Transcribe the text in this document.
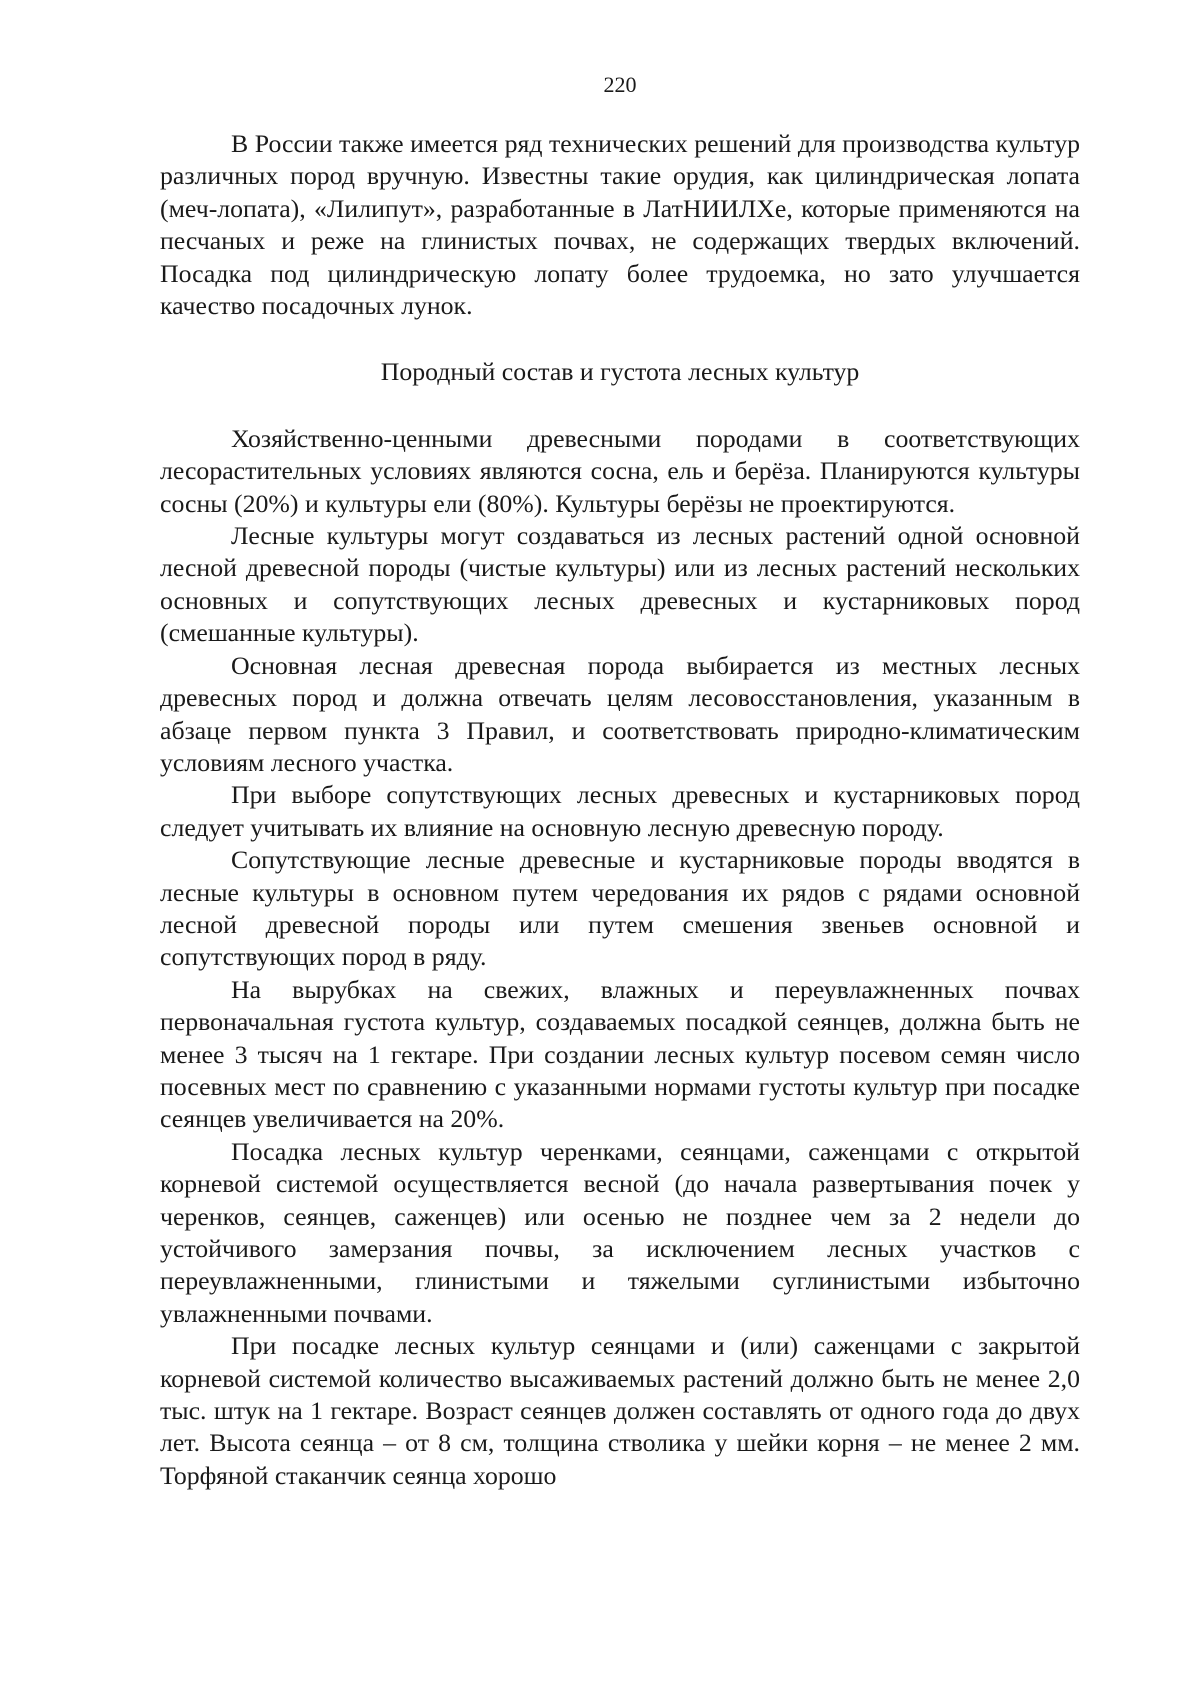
220

В России также имеется ряд технических решений для производства культур различных пород вручную. Известны такие орудия, как цилиндрическая лопата (меч-лопата), «Лилипут», разработанные в ЛатНИИЛХе, которые применяются на песчаных и реже на глинистых почвах, не содержащих твердых включений. Посадка под цилиндрическую лопату более трудоемка, но зато улучшается качество посадочных лунок.

Породный состав и густота лесных культур

Хозяйственно-ценными древесными породами в соответствующих лесорастительных условиях являются сосна, ель и берёза. Планируются культуры сосны (20%) и культуры ели (80%). Культуры берёзы не проектируются.

Лесные культуры могут создаваться из лесных растений одной основной лесной древесной породы (чистые культуры) или из лесных растений нескольких основных и сопутствующих лесных древесных и кустарниковых пород (смешанные культуры).

Основная лесная древесная порода выбирается из местных лесных древесных пород и должна отвечать целям лесовосстановления, указанным в абзаце первом пункта 3 Правил, и соответствовать природно-климатическим условиям лесного участка.

При выборе сопутствующих лесных древесных и кустарниковых пород следует учитывать их влияние на основную лесную древесную породу.

Сопутствующие лесные древесные и кустарниковые породы вводятся в лесные культуры в основном путем чередования их рядов с рядами основной лесной древесной породы или путем смешения звеньев основной и сопутствующих пород в ряду.

На вырубках на свежих, влажных и переувлажненных почвах первоначальная густота культур, создаваемых посадкой сеянцев, должна быть не менее 3 тысяч на 1 гектаре. При создании лесных культур посевом семян число посевных мест по сравнению с указанными нормами густоты культур при посадке сеянцев увеличивается на 20%.

Посадка лесных культур черенками, сеянцами, саженцами с открытой корневой системой осуществляется весной (до начала развертывания почек у черенков, сеянцев, саженцев) или осенью не позднее чем за 2 недели до устойчивого замерзания почвы, за исключением лесных участков с переувлажненными, глинистыми и тяжелыми суглинистыми избыточно увлажненными почвами.

При посадке лесных культур сеянцами и (или) саженцами с закрытой корневой системой количество высаживаемых растений должно быть не менее 2,0 тыс. штук на 1 гектаре. Возраст сеянцев должен составлять от одного года до двух лет. Высота сеянца – от 8 см, толщина стволика у шейки корня – не менее 2 мм. Торфяной стаканчик сеянца хорошо
